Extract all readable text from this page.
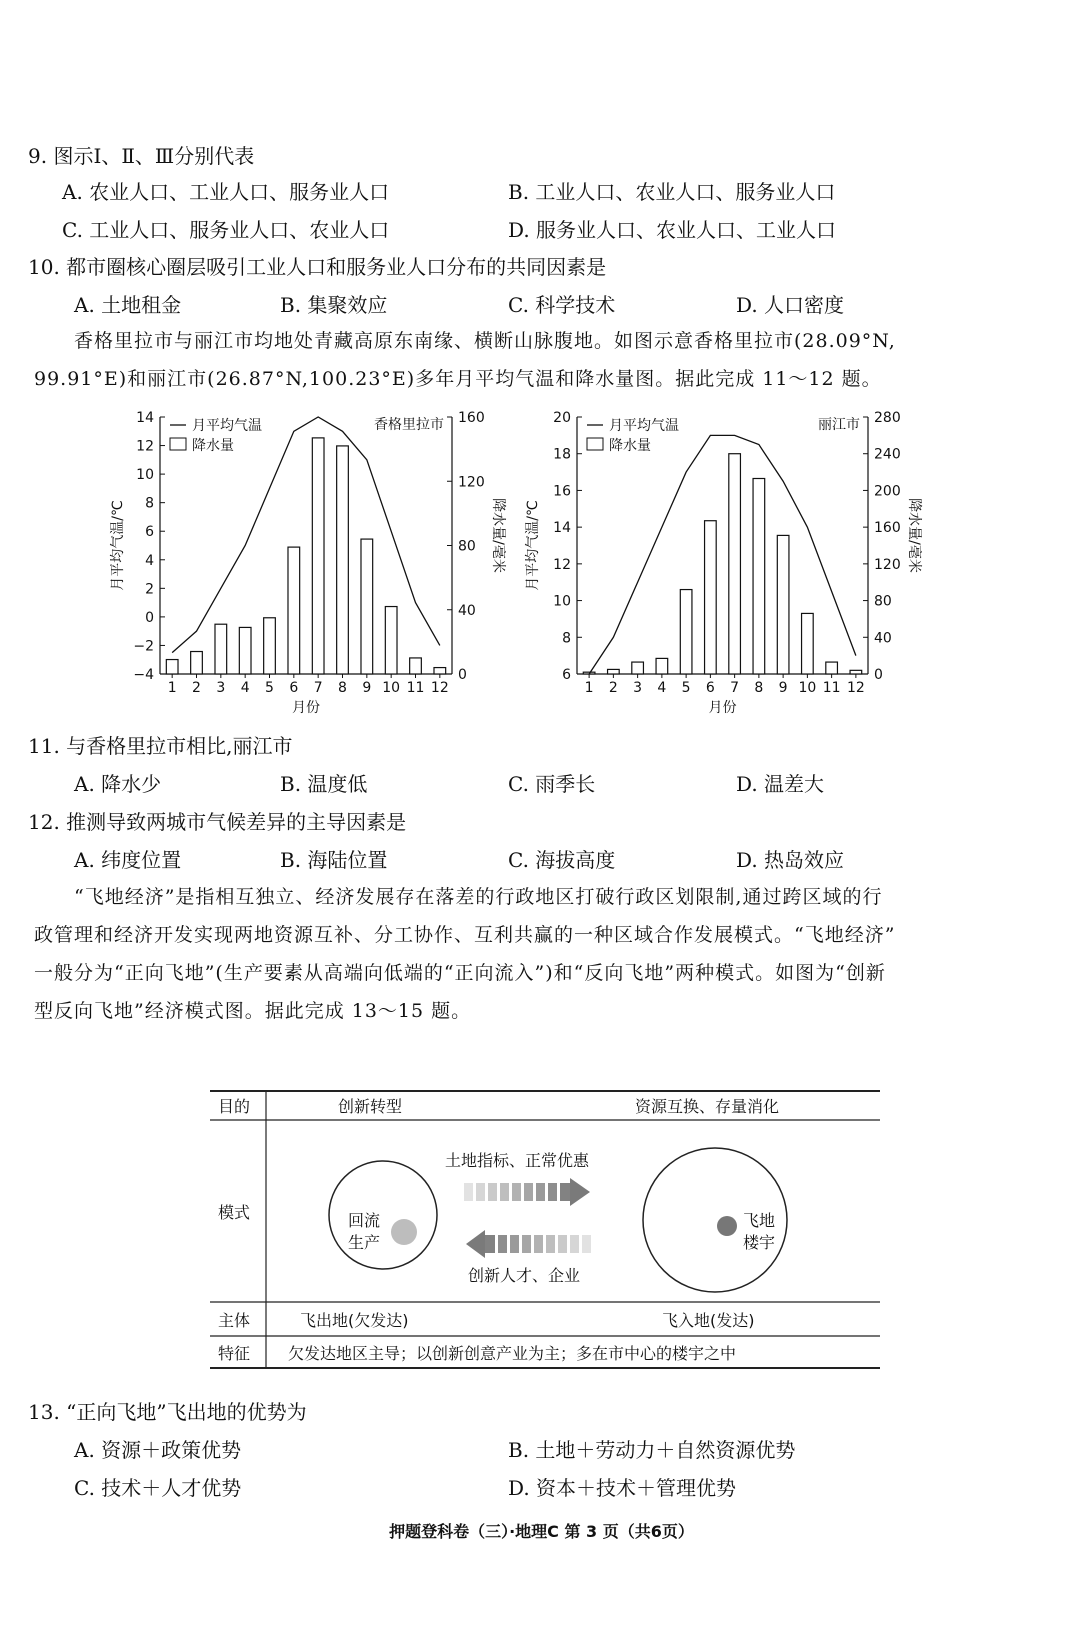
9. 图示Ⅰ、Ⅱ、Ⅲ分别代表
A. 农业人口、工业人口、服务业人口	B. 工业人口、农业人口、服务业人口
C. 工业人口、服务业人口、农业人口	D. 服务业人口、农业人口、工业人口
10. 都市圈核心圈层吸引工业人口和服务业人口分布的共同因素是
A. 土地租金	B. 集聚效应	C. 科学技术	D. 人口密度

香格里拉市与丽江市均地处青藏高原东南缘、横断山脉腹地。如图示意香格里拉市(28.09°N,

99.91°E)和丽江市(26.87°N,100.23°E)多年月平均气温和降水量图。据此完成 11～12 题。

14
12
10
8
6
4
2
0
−2
−4
160
120
80
40
0
1 2 3 4 5 6 7 8 9 10 11 12
月份
月平均气温
降水量
香格里拉市
月平均气温/℃	降水量/毫米
20
18
16
14
12
10
8
6
280
240
200
160
120
80
40
0
1 2 3 4 5 6 7 8 9 10 11 12
月份
月平均气温
降水量
丽江市
月平均气温/℃	降水量/毫米
11. 与香格里拉市相比,丽江市
A. 降水少	B. 温度低	C. 雨季长	D. 温差大
12. 推测导致两城市气候差异的主导因素是
A. 纬度位置	B. 海陆位置	C. 海拔高度	D. 热岛效应

“飞地经济”是指相互独立、经济发展存在落差的行政地区打破行政区划限制,通过跨区域的行

政管理和经济开发实现两地资源互补、分工协作、互利共赢的一种区域合作发展模式。“飞地经济”

一般分为“正向飞地”(生产要素从高端向低端的“正向流入”)和“反向飞地”两种模式。如图为“创新

型反向飞地”经济模式图。据此完成 13～15 题。

目的	创新转型	资源互换、存量消化
模式	回流
生产
飞地
楼宇
土地指标、正常优惠
创新人才、企业
主体	飞出地(欠发达)	飞入地(发达)
特征 欠发达地区主导；以创新创意产业为主；多在市中心的楼宇之中
13. “正向飞地”飞出地的优势为
A. 资源＋政策优势	B. 土地＋劳动力＋自然资源优势
C. 技术＋人才优势	D. 资本＋技术＋管理优势
押题登科卷（三）·地理C 第 3 页（共6页）
